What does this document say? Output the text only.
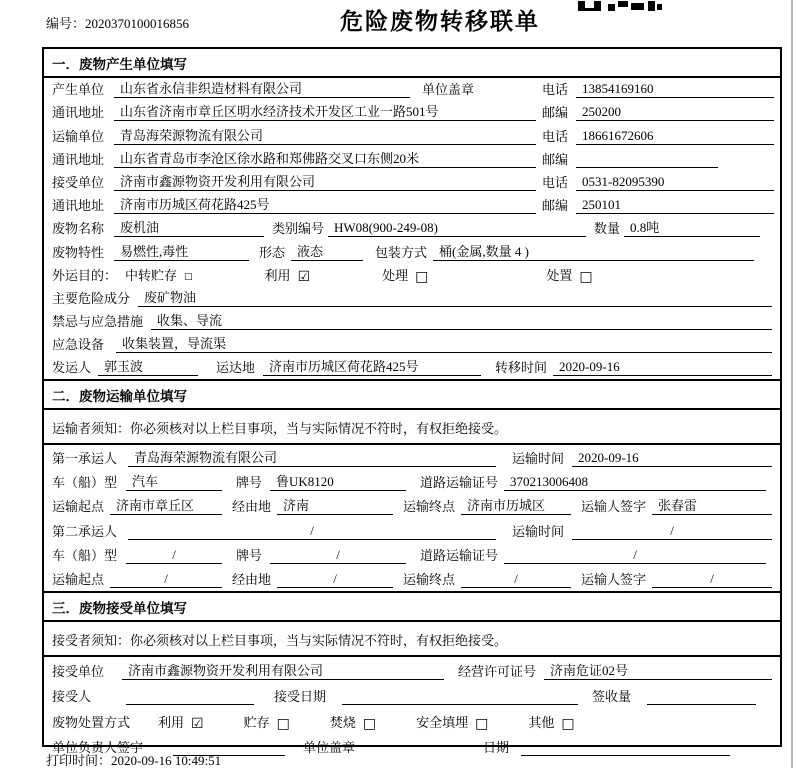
编号：2020370100016856	危险废物转移联单
一．废物产生单位填写
产生单位	山东省永信非织造材料有限公司	单位盖章	电话	13854169160
通讯地址	山东省济南市章丘区明水经济技术开发区工业一路501号	邮编	250200
运输单位	青岛海荣源物流有限公司	电话	18661672606
通讯地址	山东省青岛市李沧区徐水路和郑佛路交叉口东侧20米	邮编
接受单位	济南市鑫源物资开发利用有限公司	电话	0531-82095390
通讯地址	济南市历城区荷花路425号	邮编	250101
废物名称	废机油	类别编号 HW08(900-249-08)	数量 0.8吨
废物特性	易燃性,毒性	形态 液态	包装方式 桶(金属,数量 4 )
外运目的： 中转贮存 □	利用 ☑	处理 □	处置 □
主要危险成分	废矿物油
禁忌与应急措施	收集、导流
应急设备	收集装置，导流渠
发运人 郭玉波	运达地	济南市历城区荷花路425号	转移时间 2020-09-16
二．废物运输单位填写
运输者须知：你必须核对以上栏目事项，当与实际情况不符时，有权拒绝接受。
第一承运人	青岛海荣源物流有限公司	运输时间	2020-09-16
车（船）型	汽车	牌号	鲁UK8120	道路运输证号 370213006408
运输起点 济南市章丘区	经由地 济南	运输终点 济南市历城区	运输人签字 张春雷
第二承运人	/	运输时间	/
车（船）型	/	牌号	/	道路运输证号	/
运输起点	/	经由地	/	运输终点	/	运输人签字	/
三．废物接受单位填写
接受者须知：你必须核对以上栏目事项，当与实际情况不符时，有权拒绝接受。
接受单位	济南市鑫源物资开发利用有限公司	经营许可证号	济南危证02号
接受人	接受日期	签收量
废物处置方式 利用 ☑	贮存 □	焚烧 □	安全填埋 □	其他 □
单位负责人签字	单位盖章	日期
打印时间：2020-09-16 10:49:51
